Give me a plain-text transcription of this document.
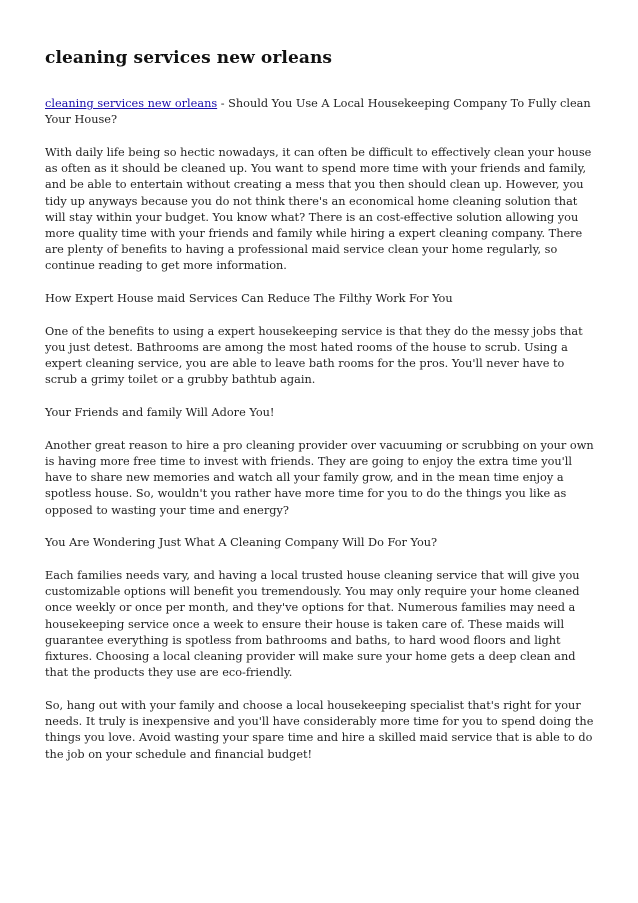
cleaning services new orleans

cleaning services new orleans - Should You Use A Local Housekeeping Company To Fully clean Your House?

With daily life being so hectic nowadays, it can often be difficult to effectively clean your house as often as it should be cleaned up. You want to spend more time with your friends and family, and be able to entertain without creating a mess that you then should clean up. However, you tidy up anyways because you do not think there's an economical home cleaning solution that will stay within your budget. You know what? There is an cost-effective solution allowing you more quality time with your friends and family while hiring a expert cleaning company. There are plenty of benefits to having a professional maid service clean your home regularly, so continue reading to get more information.

How Expert House maid Services Can Reduce The Filthy Work For You

One of the benefits to using a expert housekeeping service is that they do the messy jobs that you just detest. Bathrooms are among the most hated rooms of the house to scrub. Using a expert cleaning service, you are able to leave bath rooms for the pros. You'll never have to scrub a grimy toilet or a grubby bathtub again.

Your Friends and family Will Adore You!

Another great reason to hire a pro cleaning provider over vacuuming or scrubbing on your own is having more free time to invest with friends. They are going to enjoy the extra time you'll have to share new memories and watch all your family grow, and in the mean time enjoy a spotless house. So, wouldn't you rather have more time for you to do the things you like as opposed to wasting your time and energy?

You Are Wondering Just What A Cleaning Company Will Do For You?

Each families needs vary, and having a local trusted house cleaning service that will give you customizable options will benefit you tremendously. You may only require your home cleaned once weekly or once per month, and they've options for that. Numerous families may need a housekeeping service once a week to ensure their house is taken care of. These maids will guarantee everything is spotless from bathrooms and baths, to hard wood floors and light fixtures. Choosing a local cleaning provider will make sure your home gets a deep clean and that the products they use are eco-friendly.

So, hang out with your family and choose a local housekeeping specialist that's right for your needs. It truly is inexpensive and you'll have considerably more time for you to spend doing the things you love. Avoid wasting your spare time and hire a skilled maid service that is able to do the job on your schedule and financial budget!
